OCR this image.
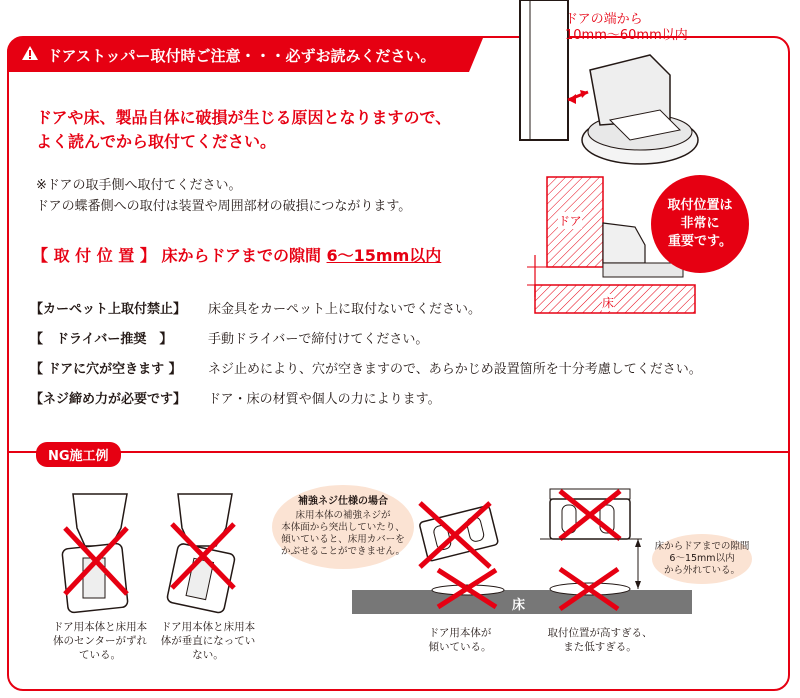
ドアストッパー取付時ご注意・・・必ずお読みください。
ドアや床、製品自体に破損が生じる原因となりますので、
よく読んでから取付てください。
※ドアの取手側へ取付てください。
ドアの蝶番側への取付は装置や周囲部材の破損につながります。
【 取 付 位 置 】 床からドアまでの隙間 6～15mm以内
【カーペット上取付禁止】	床金具をカーペット上に取付ないでください。
【　ドライバー推奨　】	手動ドライバーで締付けてください。
【 ドアに穴が空きます 】	ネジ止めにより、穴が空きますので、あらかじめ設置箇所を十分考慮してください。
【ネジ締め力が必要です】	ドア・床の材質や個人の力によります。
ドアの端から
10mm～60mm以内
ドア
床
取付位置は
非常に
重要です。
NG施工例
ドア用本体と床用本
体のセンターがずれ
ている。
ドア用本体と床用本
体が垂直になってい
ない。
補強ネジ仕様の場合
床用本体の補強ネジが
本体面から突出していたり、
傾いていると、床用カバーを
かぶせることができません。
床
床からドアまでの隙間
6～15mm以内
から外れている。
ドア用本体が
傾いている。
取付位置が高すぎる、
また低すぎる。
